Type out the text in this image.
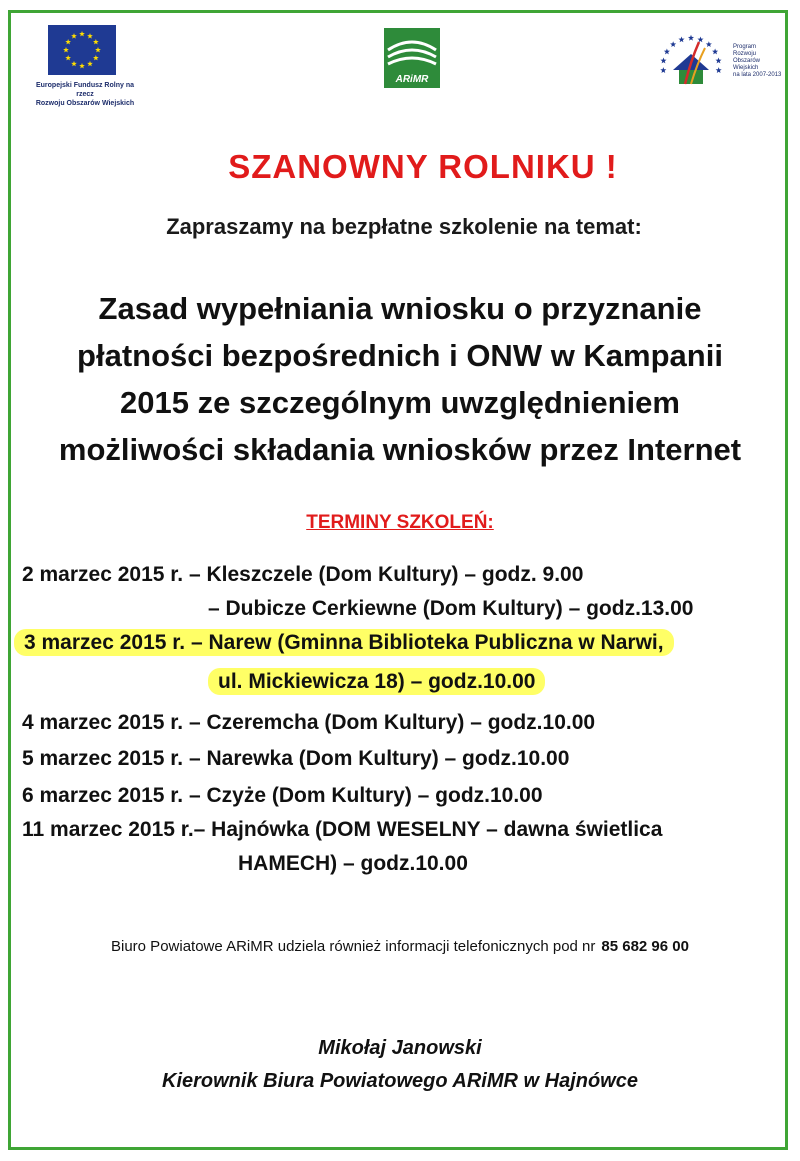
Europejski Fundusz Rolny na rzecz
Rozwoju Obszarów Wiejskich
ARiMR
Program
Rozwoju
Obszarów
Wiejskich
na lata 2007-2013
SZANOWNY ROLNIKU !
Zapraszamy na bezpłatne szkolenie na temat:
Zasad wypełniania wniosku o przyznanie
płatności bezpośrednich i ONW w Kampanii
2015 ze szczególnym uwzględnieniem
możliwości składania wniosków przez Internet
TERMINY SZKOLEŃ:
2 marzec 2015 r. – Kleszczele (Dom Kultury) – godz. 9.00
– Dubicze Cerkiewne (Dom Kultury) – godz.13.00
3 marzec 2015 r. – Narew (Gminna Biblioteka Publiczna w Narwi,
ul. Mickiewicza 18) – godz.10.00
4 marzec 2015 r. – Czeremcha (Dom Kultury) – godz.10.00
5 marzec 2015 r. – Narewka (Dom Kultury) – godz.10.00
6 marzec 2015 r. – Czyże (Dom Kultury) – godz.10.00
11 marzec 2015 r.– Hajnówka (DOM WESELNY – dawna świetlica
HAMECH) – godz.10.00
Biuro Powiatowe ARiMR udziela również informacji telefonicznych pod nr 85 682 96 00
Mikołaj Janowski
Kierownik Biura Powiatowego ARiMR w Hajnówce
